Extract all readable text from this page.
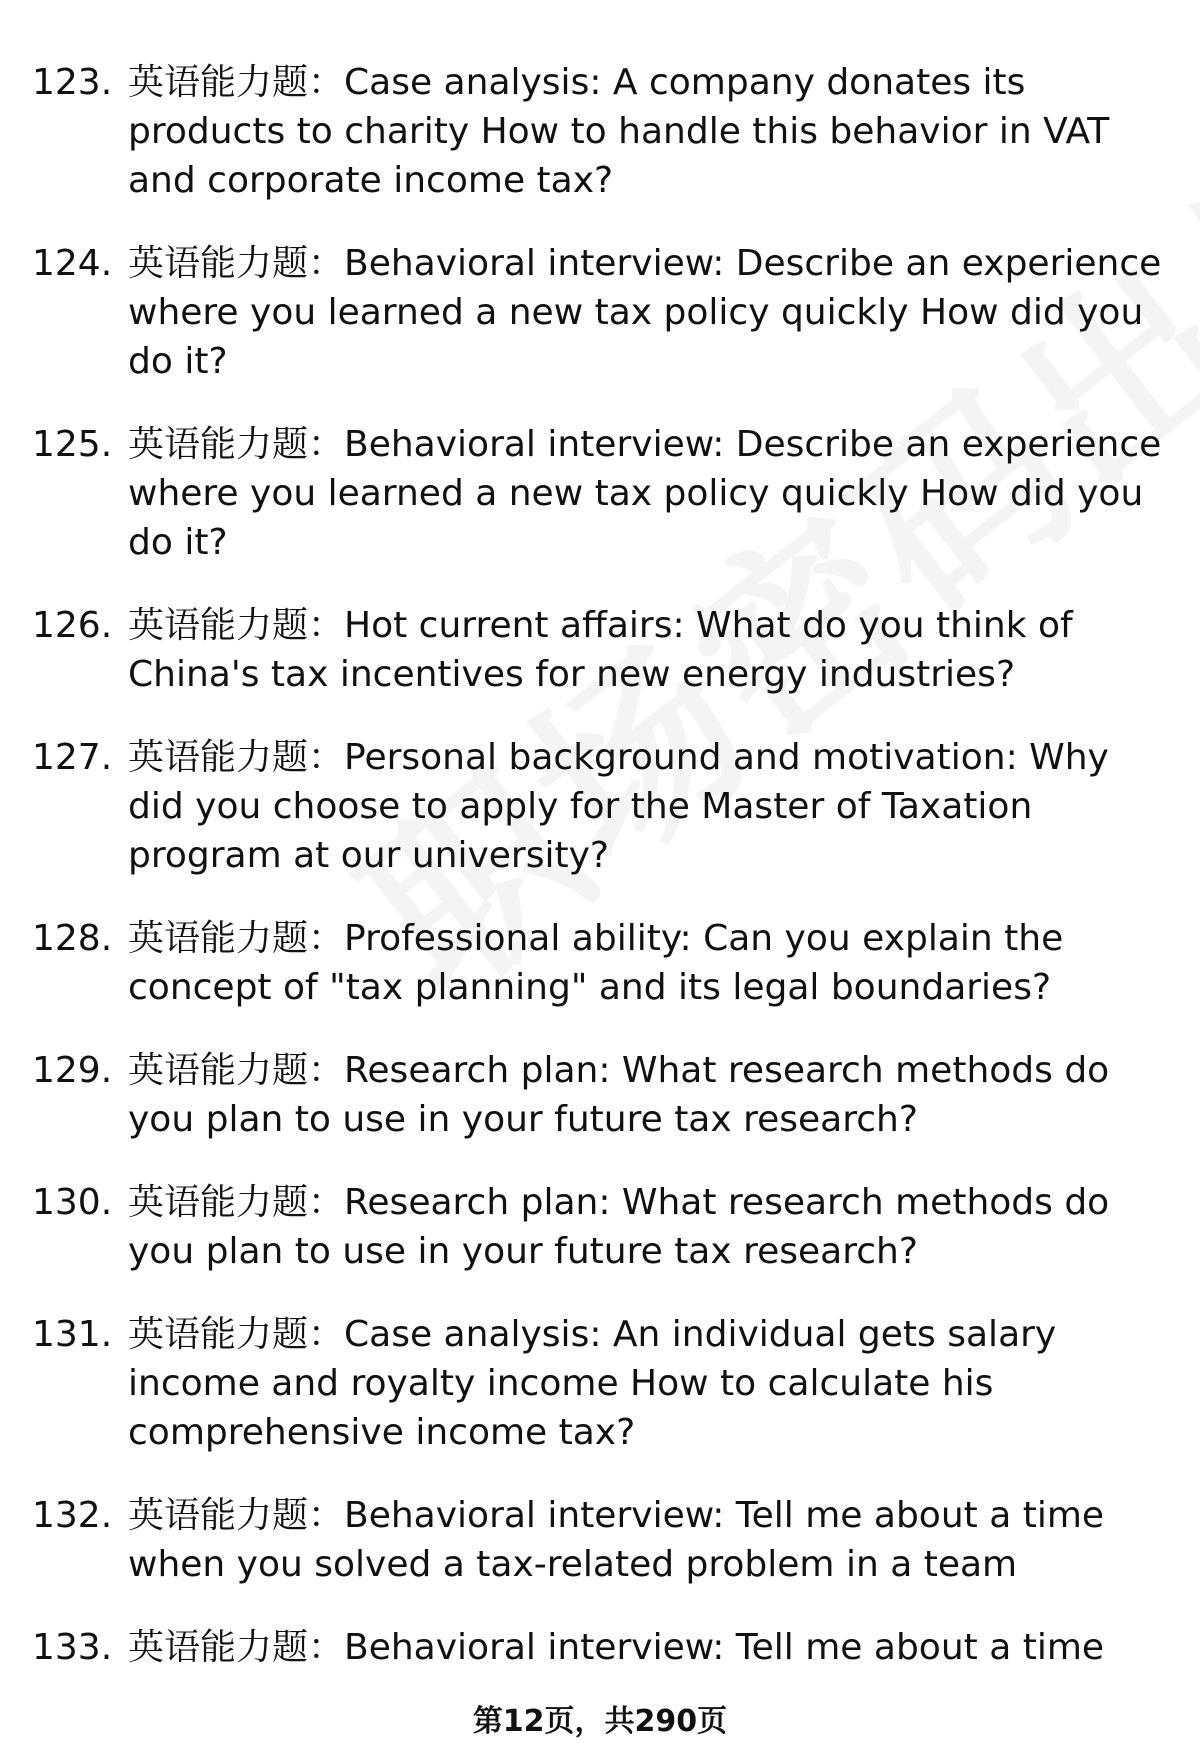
123. 英语能力题：Case analysis: A company donates its products to charity How to handle this behavior in VAT and corporate income tax?
124. 英语能力题：Behavioral interview: Describe an experience where you learned a new tax policy quickly How did you do it?
125. 英语能力题：Behavioral interview: Describe an experience where you learned a new tax policy quickly How did you do it?
126. 英语能力题：Hot current affairs: What do you think of China's tax incentives for new energy industries?
127. 英语能力题：Personal background and motivation: Why did you choose to apply for the Master of Taxation program at our university?
128. 英语能力题：Professional ability: Can you explain the concept of "tax planning" and its legal boundaries?
129. 英语能力题：Research plan: What research methods do you plan to use in your future tax research?
130. 英语能力题：Research plan: What research methods do you plan to use in your future tax research?
131. 英语能力题：Case analysis: An individual gets salary income and royalty income How to calculate his comprehensive income tax?
132. 英语能力题：Behavioral interview: Tell me about a time when you solved a tax-related problem in a team
133. 英语能力题：Behavioral interview: Tell me about a time
第12页，共290页
